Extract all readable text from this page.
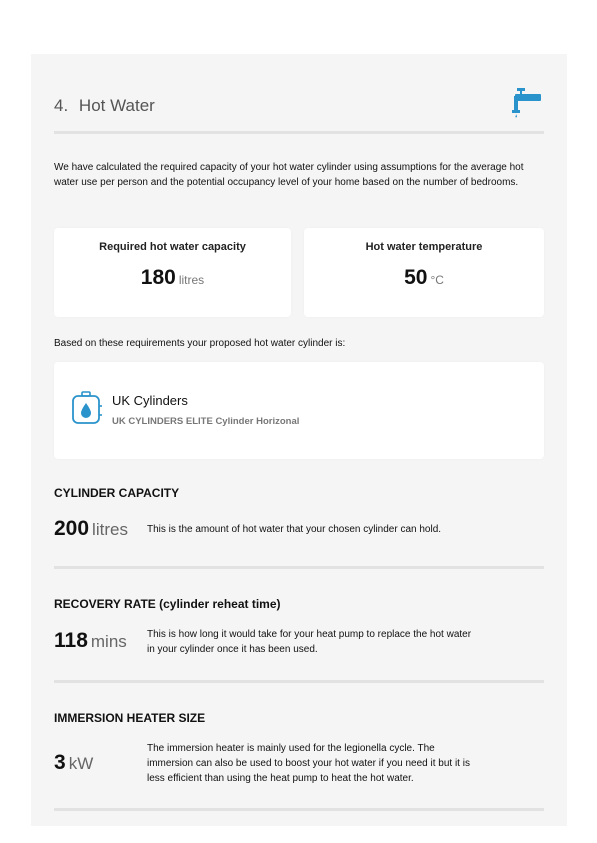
4. Hot Water
We have calculated the required capacity of your hot water cylinder using assumptions for the average hot water use per person and the potential occupancy level of your home based on the number of bedrooms.
Required hot water capacity
180 litres
Hot water temperature
50 °C
Based on these requirements your proposed hot water cylinder is:
UK Cylinders
UK CYLINDERS ELITE Cylinder Horizonal
CYLINDER CAPACITY
200 litres This is the amount of hot water that your chosen cylinder can hold.
RECOVERY RATE (cylinder reheat time)
118 mins This is how long it would take for your heat pump to replace the hot water in your cylinder once it has been used.
IMMERSION HEATER SIZE
3 kW
The immersion heater is mainly used for the legionella cycle. The immersion can also be used to boost your hot water if you need it but it is less efficient than using the heat pump to heat the hot water.
